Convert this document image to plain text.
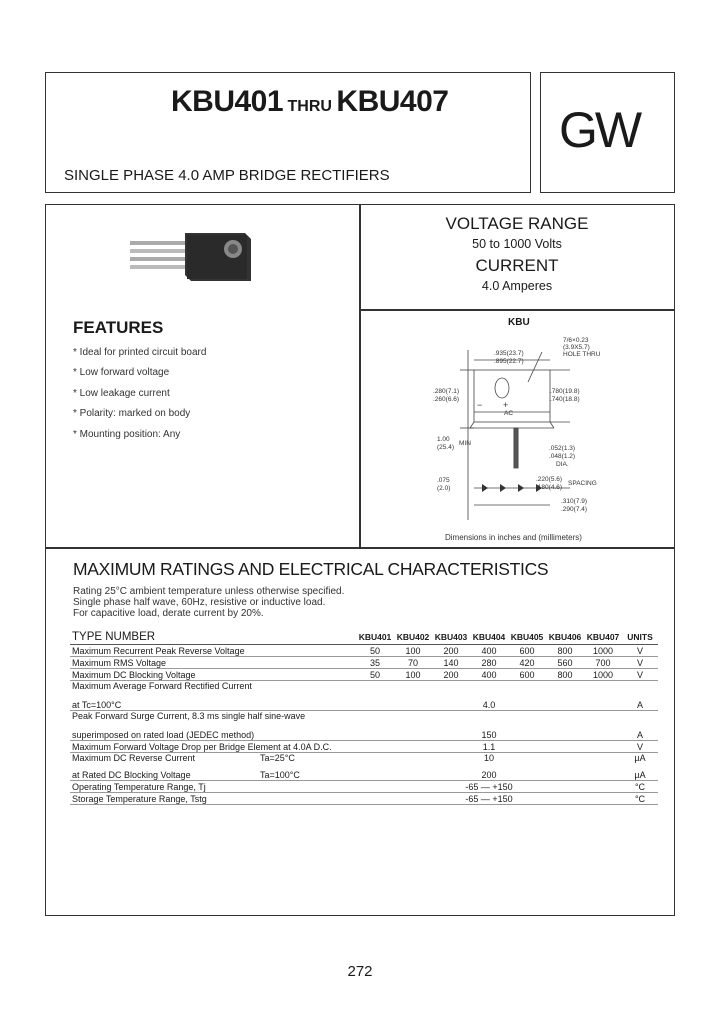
KBU401 THRU KBU407
SINGLE PHASE 4.0 AMP BRIDGE RECTIFIERS
GW
VOLTAGE RANGE
50 to 1000 Volts
CURRENT
4.0 Amperes
FEATURES
* Ideal for printed circuit board
* Low forward voltage
* Low leakage current
* Polarity: marked on body
* Mounting position: Any
KBU
7/6×0.23
(3.9X5.7)
HOLE THRU
.935(23.7)
.895(22.7)
.280(7.1)
.260(6.6)
.780(19.8)
.740(18.8)
+
−
AC
1.00
(25.4)
MIN
.052(1.3)
.048(1.2)
DIA.
.220(5.6)
.180(4.6)
SPACING
.075
(2.0)
.310(7.9)
.290(7.4)
Dimensions in inches and (millimeters)
MAXIMUM RATINGS AND ELECTRICAL CHARACTERISTICS
Rating 25°C ambient temperature unless otherwise specified.
Single phase half wave, 60Hz, resistive or inductive load.
For capacitive load, derate current by 20%.
TYPE NUMBER	KBU401	KBU402	KBU403	KBU404	KBU405	KBU406	KBU407	UNITS
Maximum Recurrent Peak Reverse Voltage	50	100	200	400	600	800	1000	V
Maximum RMS Voltage	35	70	140	280	420	560	700	V
Maximum DC Blocking Voltage	50	100	200	400	600	800	1000	V
Maximum Average Forward Rectified Current								
at Tc=100°C	4.0							A
Peak Forward Surge Current, 8.3 ms single half sine-wave								
superimposed on rated load (JEDEC method)	150							A
Maximum Forward Voltage Drop per Bridge Element at 4.0A D.C.	1.1							V
Maximum DC Reverse Current Ta=25°C	10							µA
at Rated DC Blocking Voltage Ta=100°C	200							µA
Operating Temperature Range, Tj	-65 — +150							°C
Storage Temperature Range, Tstg	-65 — +150							°C
272
